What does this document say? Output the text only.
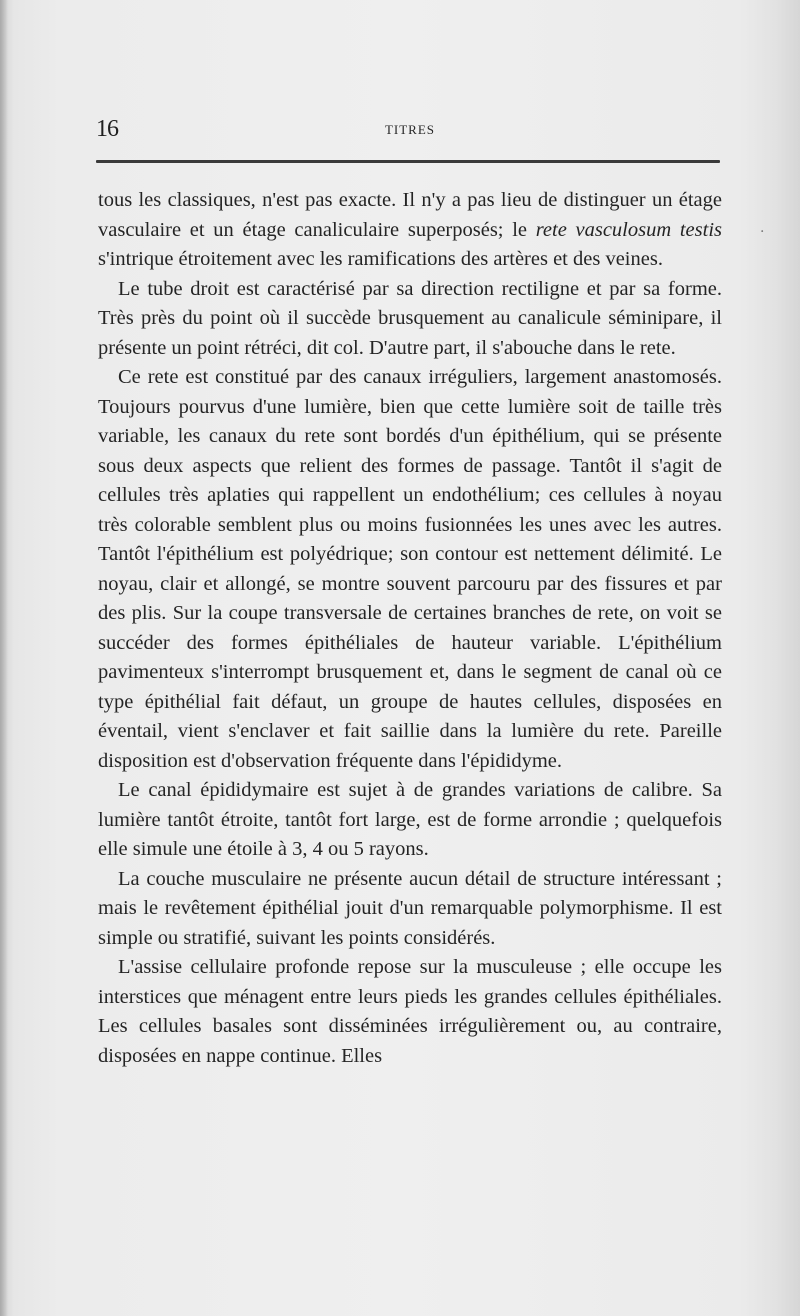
16	TITRES
·

tous les classiques, n'est pas exacte. Il n'y a pas lieu de distinguer un étage vasculaire et un étage canaliculaire superposés; le rete vasculosum testis s'intrique étroitement avec les ramifications des artères et des veines.

Le tube droit est caractérisé par sa direction rectiligne et par sa forme. Très près du point où il succède brusquement au canalicule séminipare, il présente un point rétréci, dit col. D'autre part, il s'abouche dans le rete.

Ce rete est constitué par des canaux irréguliers, largement anastomosés. Toujours pourvus d'une lumière, bien que cette lumière soit de taille très variable, les canaux du rete sont bordés d'un épithélium, qui se présente sous deux aspects que relient des formes de passage. Tantôt il s'agit de cellules très aplaties qui rappellent un endothélium; ces cellules à noyau très colorable semblent plus ou moins fusionnées les unes avec les autres. Tantôt l'épithélium est polyédrique; son contour est nettement délimité. Le noyau, clair et allongé, se montre souvent parcouru par des fissures et par des plis. Sur la coupe transversale de certaines branches de rete, on voit se succéder des formes épithéliales de hauteur variable. L'épithélium pavimenteux s'interrompt brusquement et, dans le segment de canal où ce type épithélial fait défaut, un groupe de hautes cellules, disposées en éventail, vient s'enclaver et fait saillie dans la lumière du rete. Pareille disposition est d'observation fréquente dans l'épididyme.

Le canal épididymaire est sujet à de grandes variations de calibre. Sa lumière tantôt étroite, tantôt fort large, est de forme arrondie ; quelquefois elle simule une étoile à 3, 4 ou 5 rayons.

La couche musculaire ne présente aucun détail de structure intéressant ; mais le revêtement épithélial jouit d'un remarquable polymorphisme. Il est simple ou stratifié, suivant les points considérés.

L'assise cellulaire profonde repose sur la musculeuse ; elle occupe les interstices que ménagent entre leurs pieds les grandes cellules épithéliales. Les cellules basales sont disséminées irrégulièrement ou, au contraire, disposées en nappe continue. Elles
